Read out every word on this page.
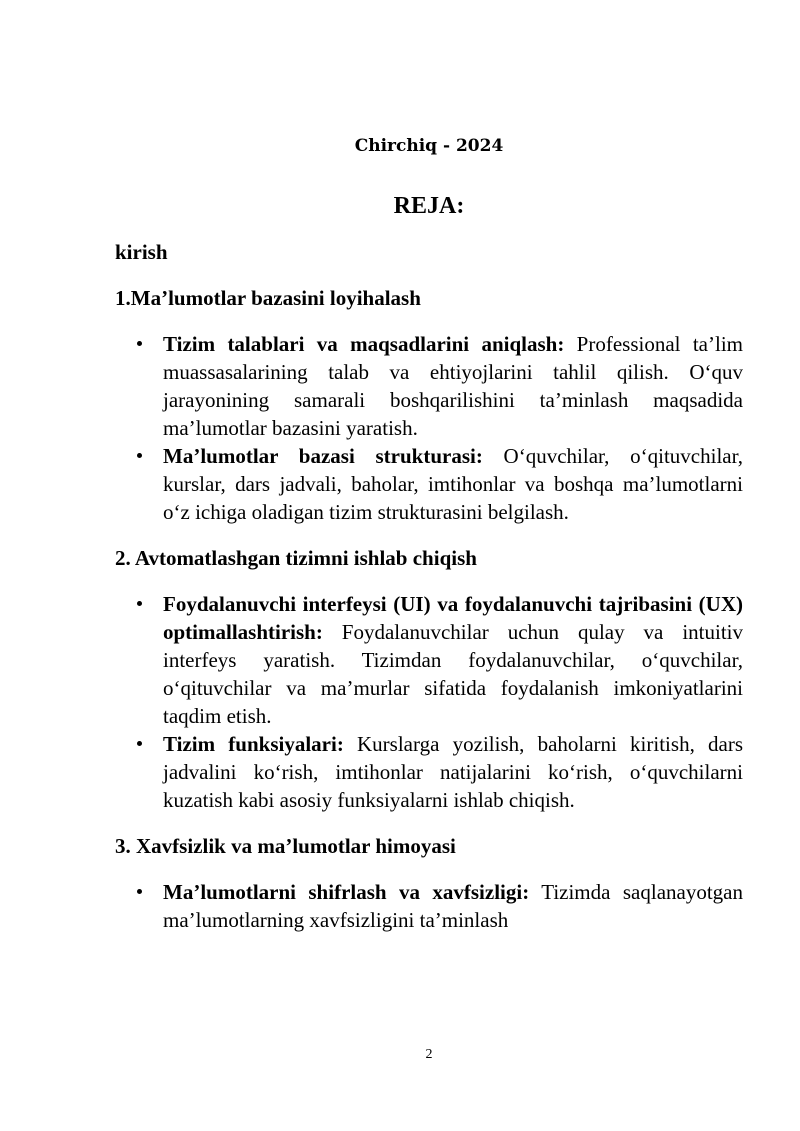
Chirchiq - 2024
REJA:
kirish
1.Ma’lumotlar bazasini loyihalash
Tizim talablari va maqsadlarini aniqlash: Professional ta’lim muassasalarining talab va ehtiyojlarini tahlil qilish. O‘quv jarayonining samarali boshqarilishini ta’minlash maqsadida ma’lumotlar bazasini yaratish.
Ma’lumotlar bazasi strukturasi: O‘quvchilar, o‘qituvchilar, kurslar, dars jadvali, baholar, imtihonlar va boshqa ma’lumotlarni o‘z ichiga oladigan tizim strukturasini belgilash.
2. Avtomatlashgan tizimni ishlab chiqish
Foydalanuvchi interfeysi (UI) va foydalanuvchi tajribasini (UX) optimallashtirish: Foydalanuvchilar uchun qulay va intuitiv interfeys yaratish. Tizimdan foydalanuvchilar, o‘quvchilar, o‘qituvchilar va ma’murlar sifatida foydalanish imkoniyatlarini taqdim etish.
Tizim funksiyalari: Kurslarga yozilish, baholarni kiritish, dars jadvalini ko‘rish, imtihonlar natijalarini ko‘rish, o‘quvchilarni kuzatish kabi asosiy funksiyalarni ishlab chiqish.
3. Xavfsizlik va ma’lumotlar himoyasi
Ma’lumotlarni shifrlash va xavfsizligi: Tizimda saqlanayotgan ma’lumotlarning xavfsizligini ta’minlash
2
